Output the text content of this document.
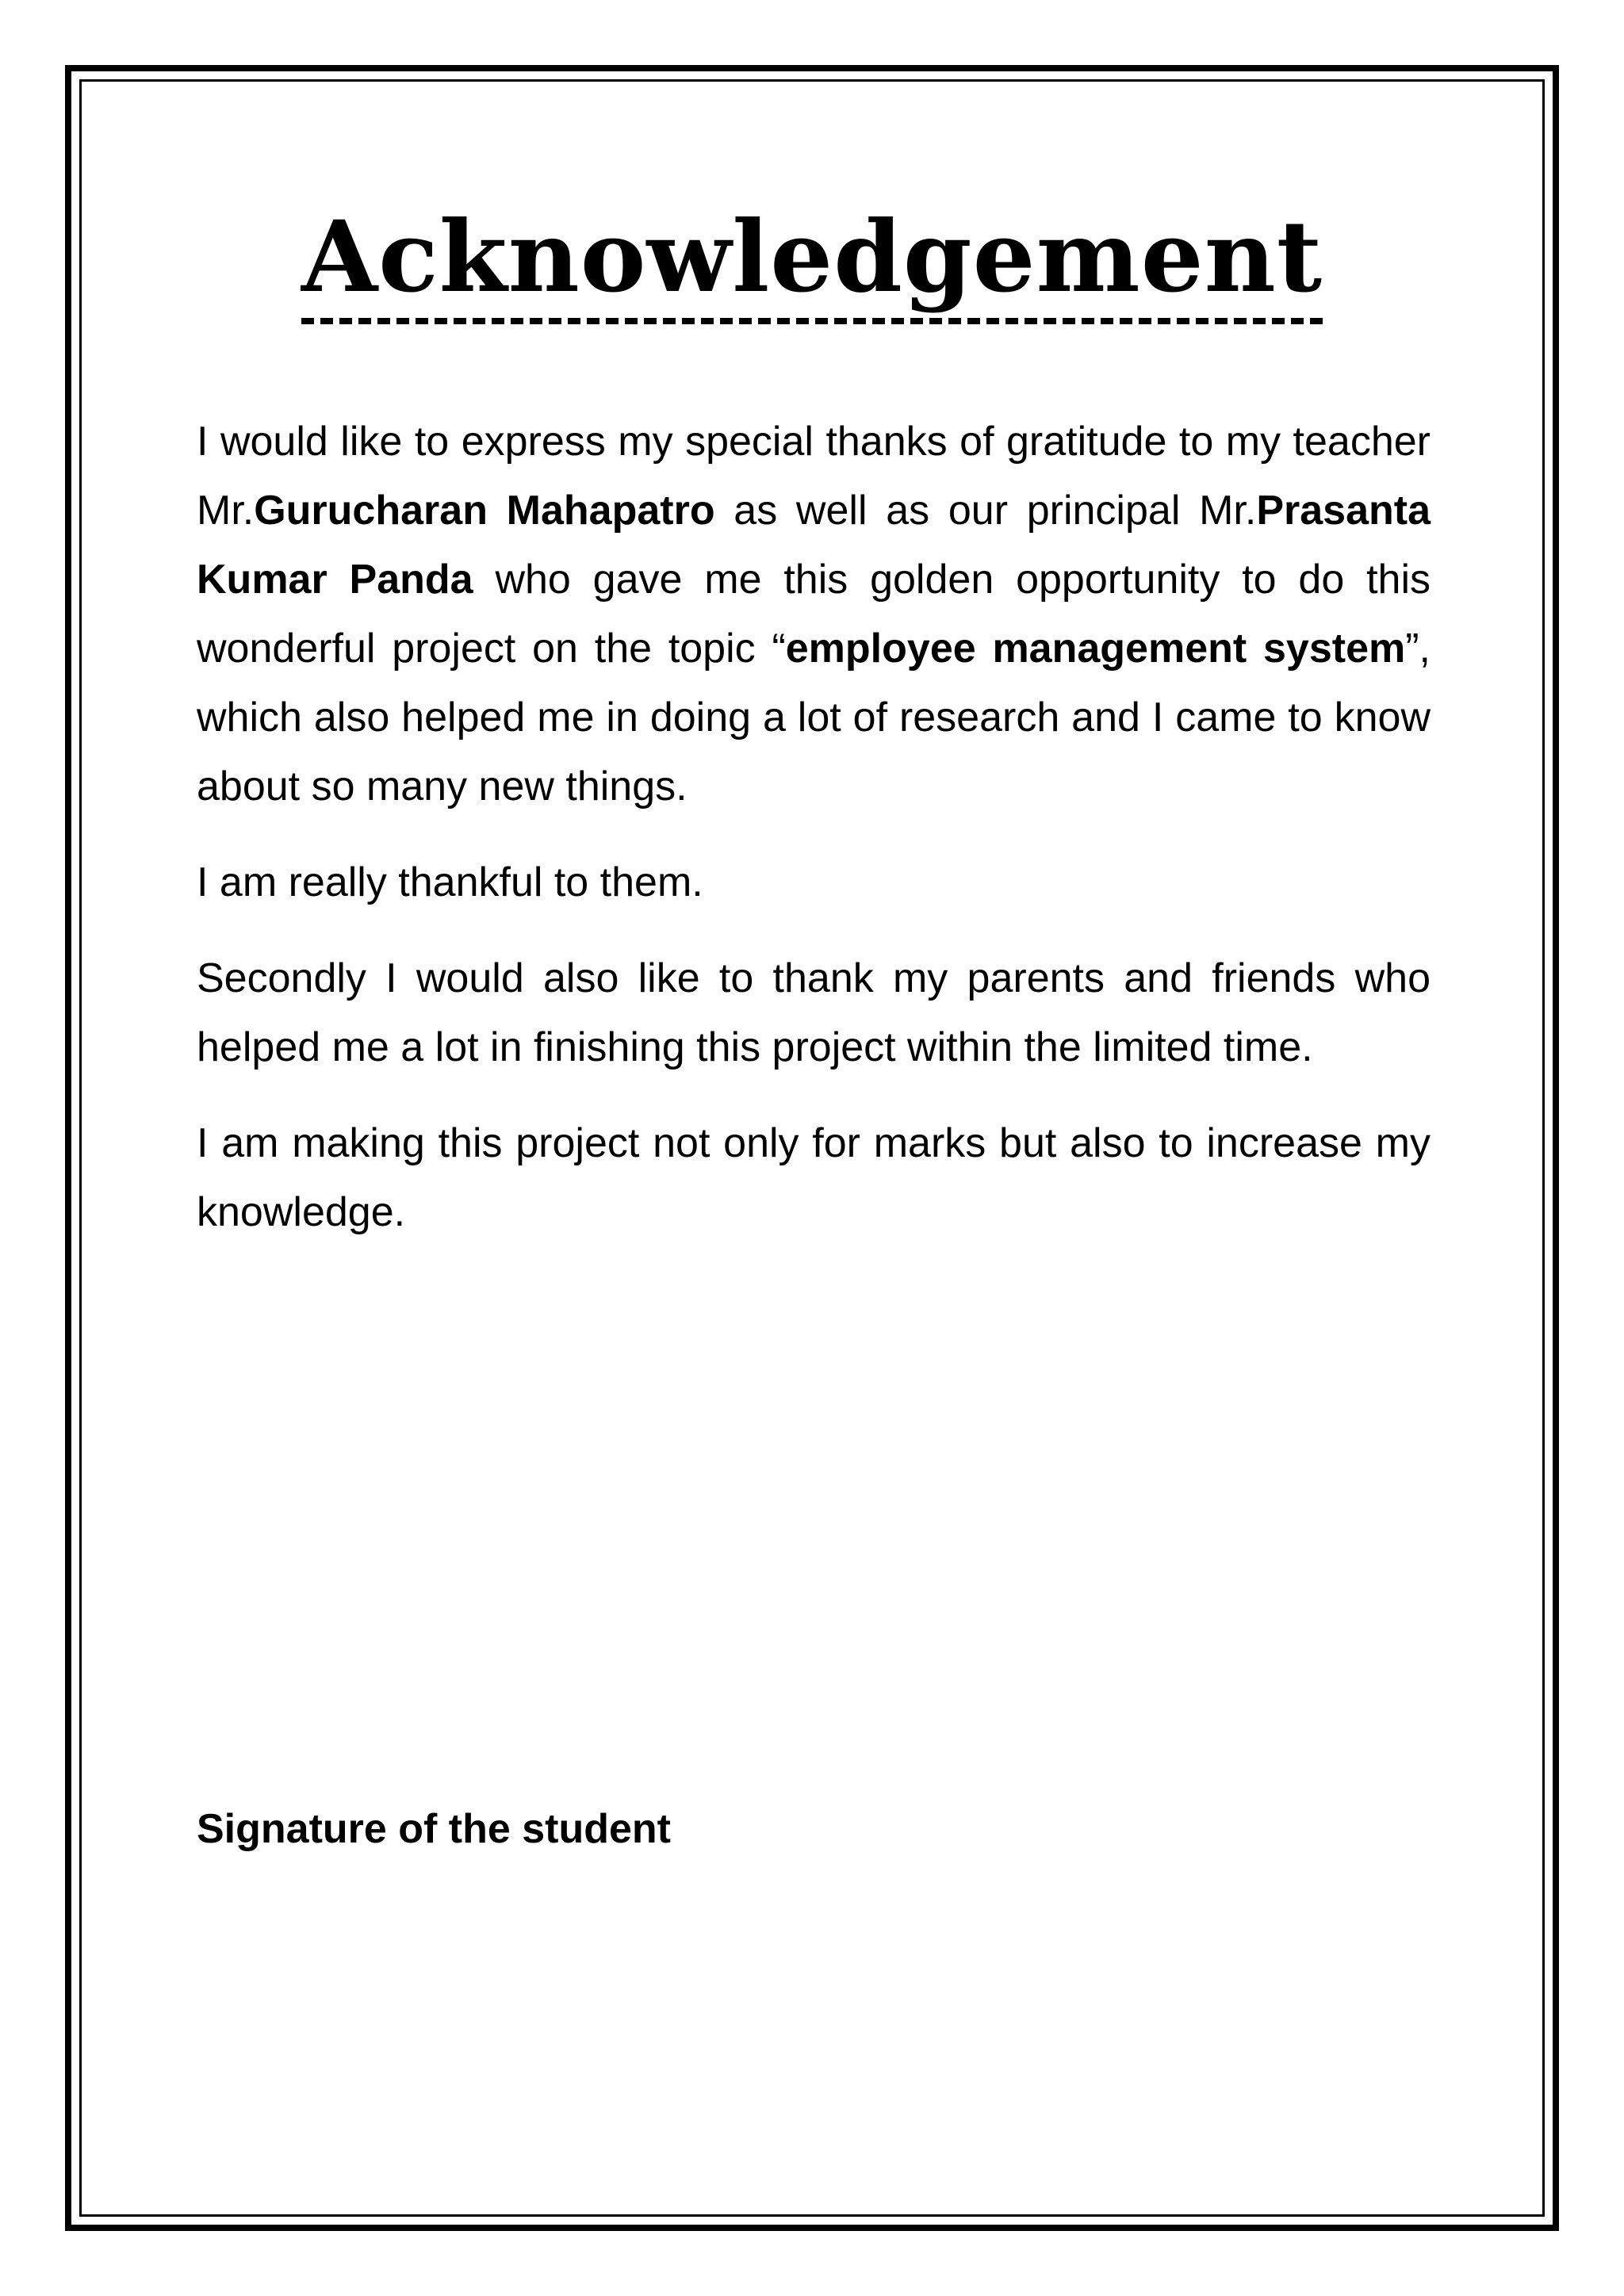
Acknowledgement

I would like to express my special thanks of gratitude to my teacher Mr.Gurucharan Mahapatro as well as our principal Mr.Prasanta Kumar Panda who gave me this golden opportunity to do this wonderful project on the topic “employee management system”, which also helped me in doing a lot of research and I came to know about so many new things.

I am really thankful to them.

Secondly I would also like to thank my parents and friends who helped me a lot in finishing this project within the limited time.

I am making this project not only for marks but also to increase my knowledge.

Signature of the student
